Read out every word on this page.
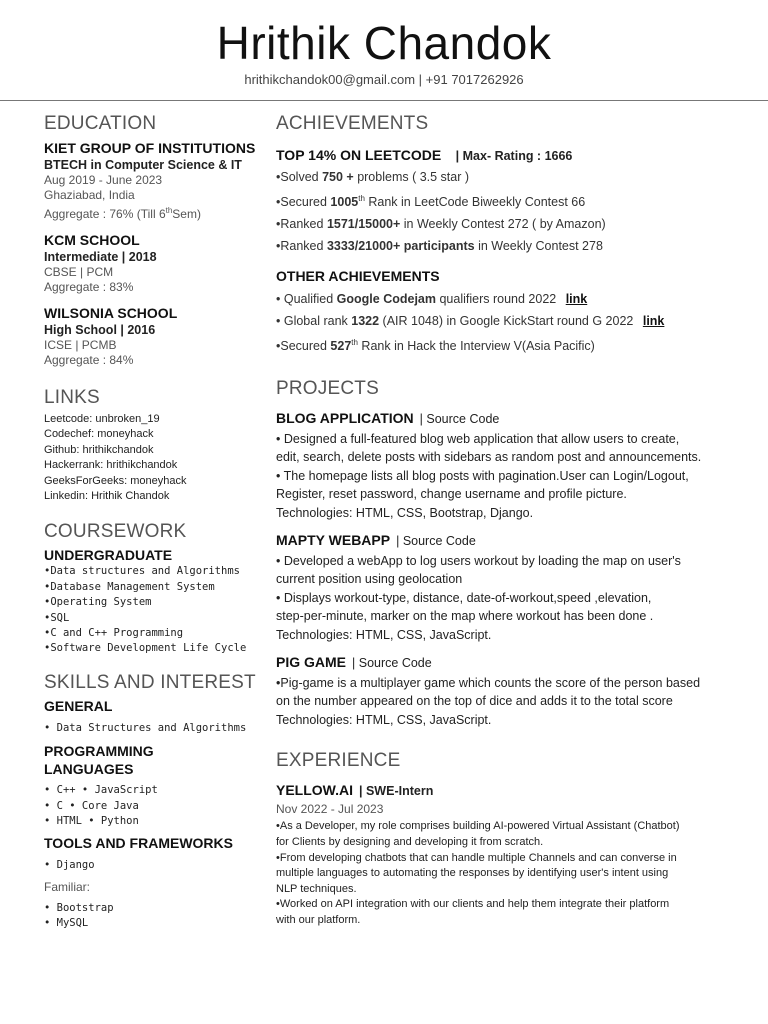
Hrithik Chandok
hrithikchandok00@gmail.com | +91 7017262926
EDUCATION
KIET GROUP OF INSTITUTIONS
BTECH in Computer Science & IT
Aug 2019 - June 2023
Ghaziabad, India
Aggregate : 76% (Till 6thSem)
KCM SCHOOL
Intermediate | 2018
CBSE | PCM
Aggregate : 83%
WILSONIA SCHOOL
High School | 2016
ICSE | PCMB
Aggregate : 84%
LINKS
Leetcode: unbroken_19
Codechef: moneyhack
Github: hrithikchandok
Hackerrank: hrithikchandok
GeeksForGeeks: moneyhack
Linkedin: Hrithik Chandok
COURSEWORK
UNDERGRADUATE
•Data structures and Algorithms
•Database Management System
•Operating System
•SQL
•C and C++ Programming
•Software Development Life Cycle
SKILLS AND INTEREST
GENERAL
• Data Structures and Algorithms
PROGRAMMING
LANGUAGES
• C++ • JavaScript
• C • Core Java
• HTML • Python
TOOLS AND FRAMEWORKS
• Django
Familiar:
• Bootstrap
• MySQL
ACHIEVEMENTS
TOP 14% ON LEETCODE | Max- Rating : 1666
•Solved 750 + problems ( 3.5 star )
•Secured 1005th Rank in LeetCode Biweekly Contest 66
•Ranked 1571/15000+ in Weekly Contest 272 ( by Amazon)
•Ranked 3333/21000+ participants in Weekly Contest 278
OTHER ACHIEVEMENTS
• Qualified Google Codejam qualifiers round 2022 link
• Global rank 1322 (AIR 1048) in Google KickStart round G 2022 link
•Secured 527th Rank in Hack the Interview V(Asia Pacific)
PROJECTS
BLOG APPLICATION | Source Code
• Designed a full-featured blog web application that allow users to create,
edit, search, delete posts with sidebars as random post and announcements.
• The homepage lists all blog posts with pagination.User can Login/Logout,
Register, reset password, change username and profile picture.
Technologies: HTML, CSS, Bootstrap, Django.
MAPTY WEBAPP | Source Code
• Developed a webApp to log users workout by loading the map on user's
current position using geolocation
• Displays workout-type, distance, date-of-workout,speed ,elevation,
step-per-minute, marker on the map where workout has been done .
Technologies: HTML, CSS, JavaScript.
PIG GAME | Source Code
•Pig-game is a multiplayer game which counts the score of the person based
on the number appeared on the top of dice and adds it to the total score
Technologies: HTML, CSS, JavaScript.
EXPERIENCE
YELLOW.AI | SWE-Intern
Nov 2022 - Jul 2023
•As a Developer, my role comprises building AI-powered Virtual Assistant (Chatbot)
for Clients by designing and developing it from scratch.
•From developing chatbots that can handle multiple Channels and can converse in
multiple languages to automating the responses by identifying user's intent using
NLP techniques.
•Worked on API integration with our clients and help them integrate their platform
with our platform.
